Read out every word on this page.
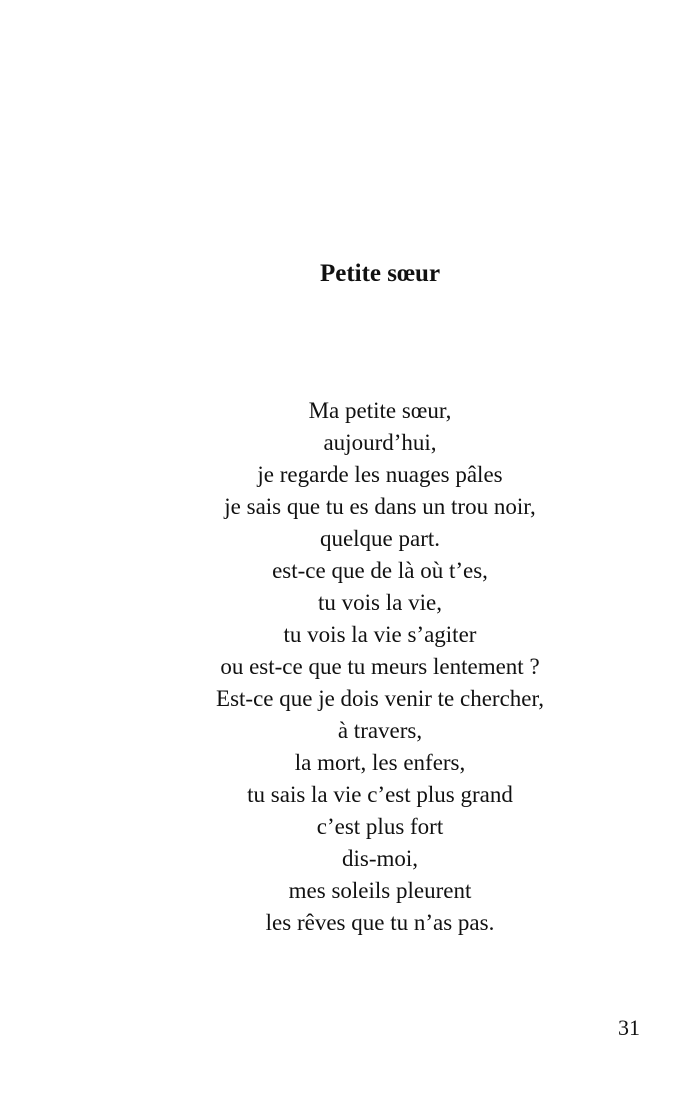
Petite sœur
Ma petite sœur,
aujourd’hui,
je regarde les nuages pâles
je sais que tu es dans un trou noir,
quelque part.
est-ce que de là où t’es,
tu vois la vie,
tu vois la vie s’agiter
ou est-ce que tu meurs lentement ?
Est-ce que je dois venir te chercher,
à travers,
la mort, les enfers,
tu sais la vie c’est plus grand
c’est plus fort
dis-moi,
mes soleils pleurent
les rêves que tu n’as pas.
31
